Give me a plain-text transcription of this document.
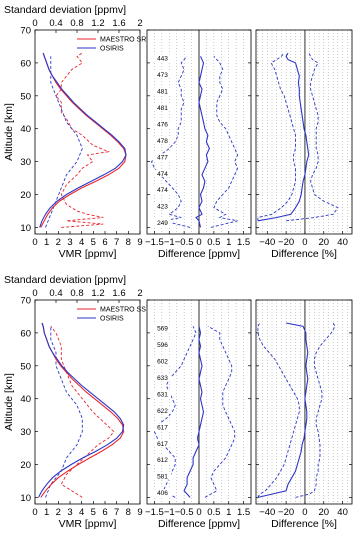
0 1 2 3 4 5 6 7 8 9
VMR [ppmv]
10
20
30
40
50
60
70
Altitude [km]
0 0.4 0.8 1.2 1.6 2
Standard deviation [ppmv]
MAESTRO SR
OSIRIS
−1.5 −1 −0.5 0 0.5 1 1.5
Difference [ppmv]
443
473
481
481
476
478
477
474
474
423
249
−40 −20 0 20 40
Difference [%]
0 1 2 3 4 5 6 7 8 9
VMR [ppmv]
10
20
30
40
50
60
70
Altitude [km]
0 0.4 0.8 1.2 1.6 2
Standard deviation [ppmv]
MAESTRO SS
OSIRIS
−1.5 −1 −0.5 0 0.5 1 1.5
Difference [ppmv]
569
596
602
633
631
622
617
617
612
581
406
−40 −20 0 20 40
Difference [%]
